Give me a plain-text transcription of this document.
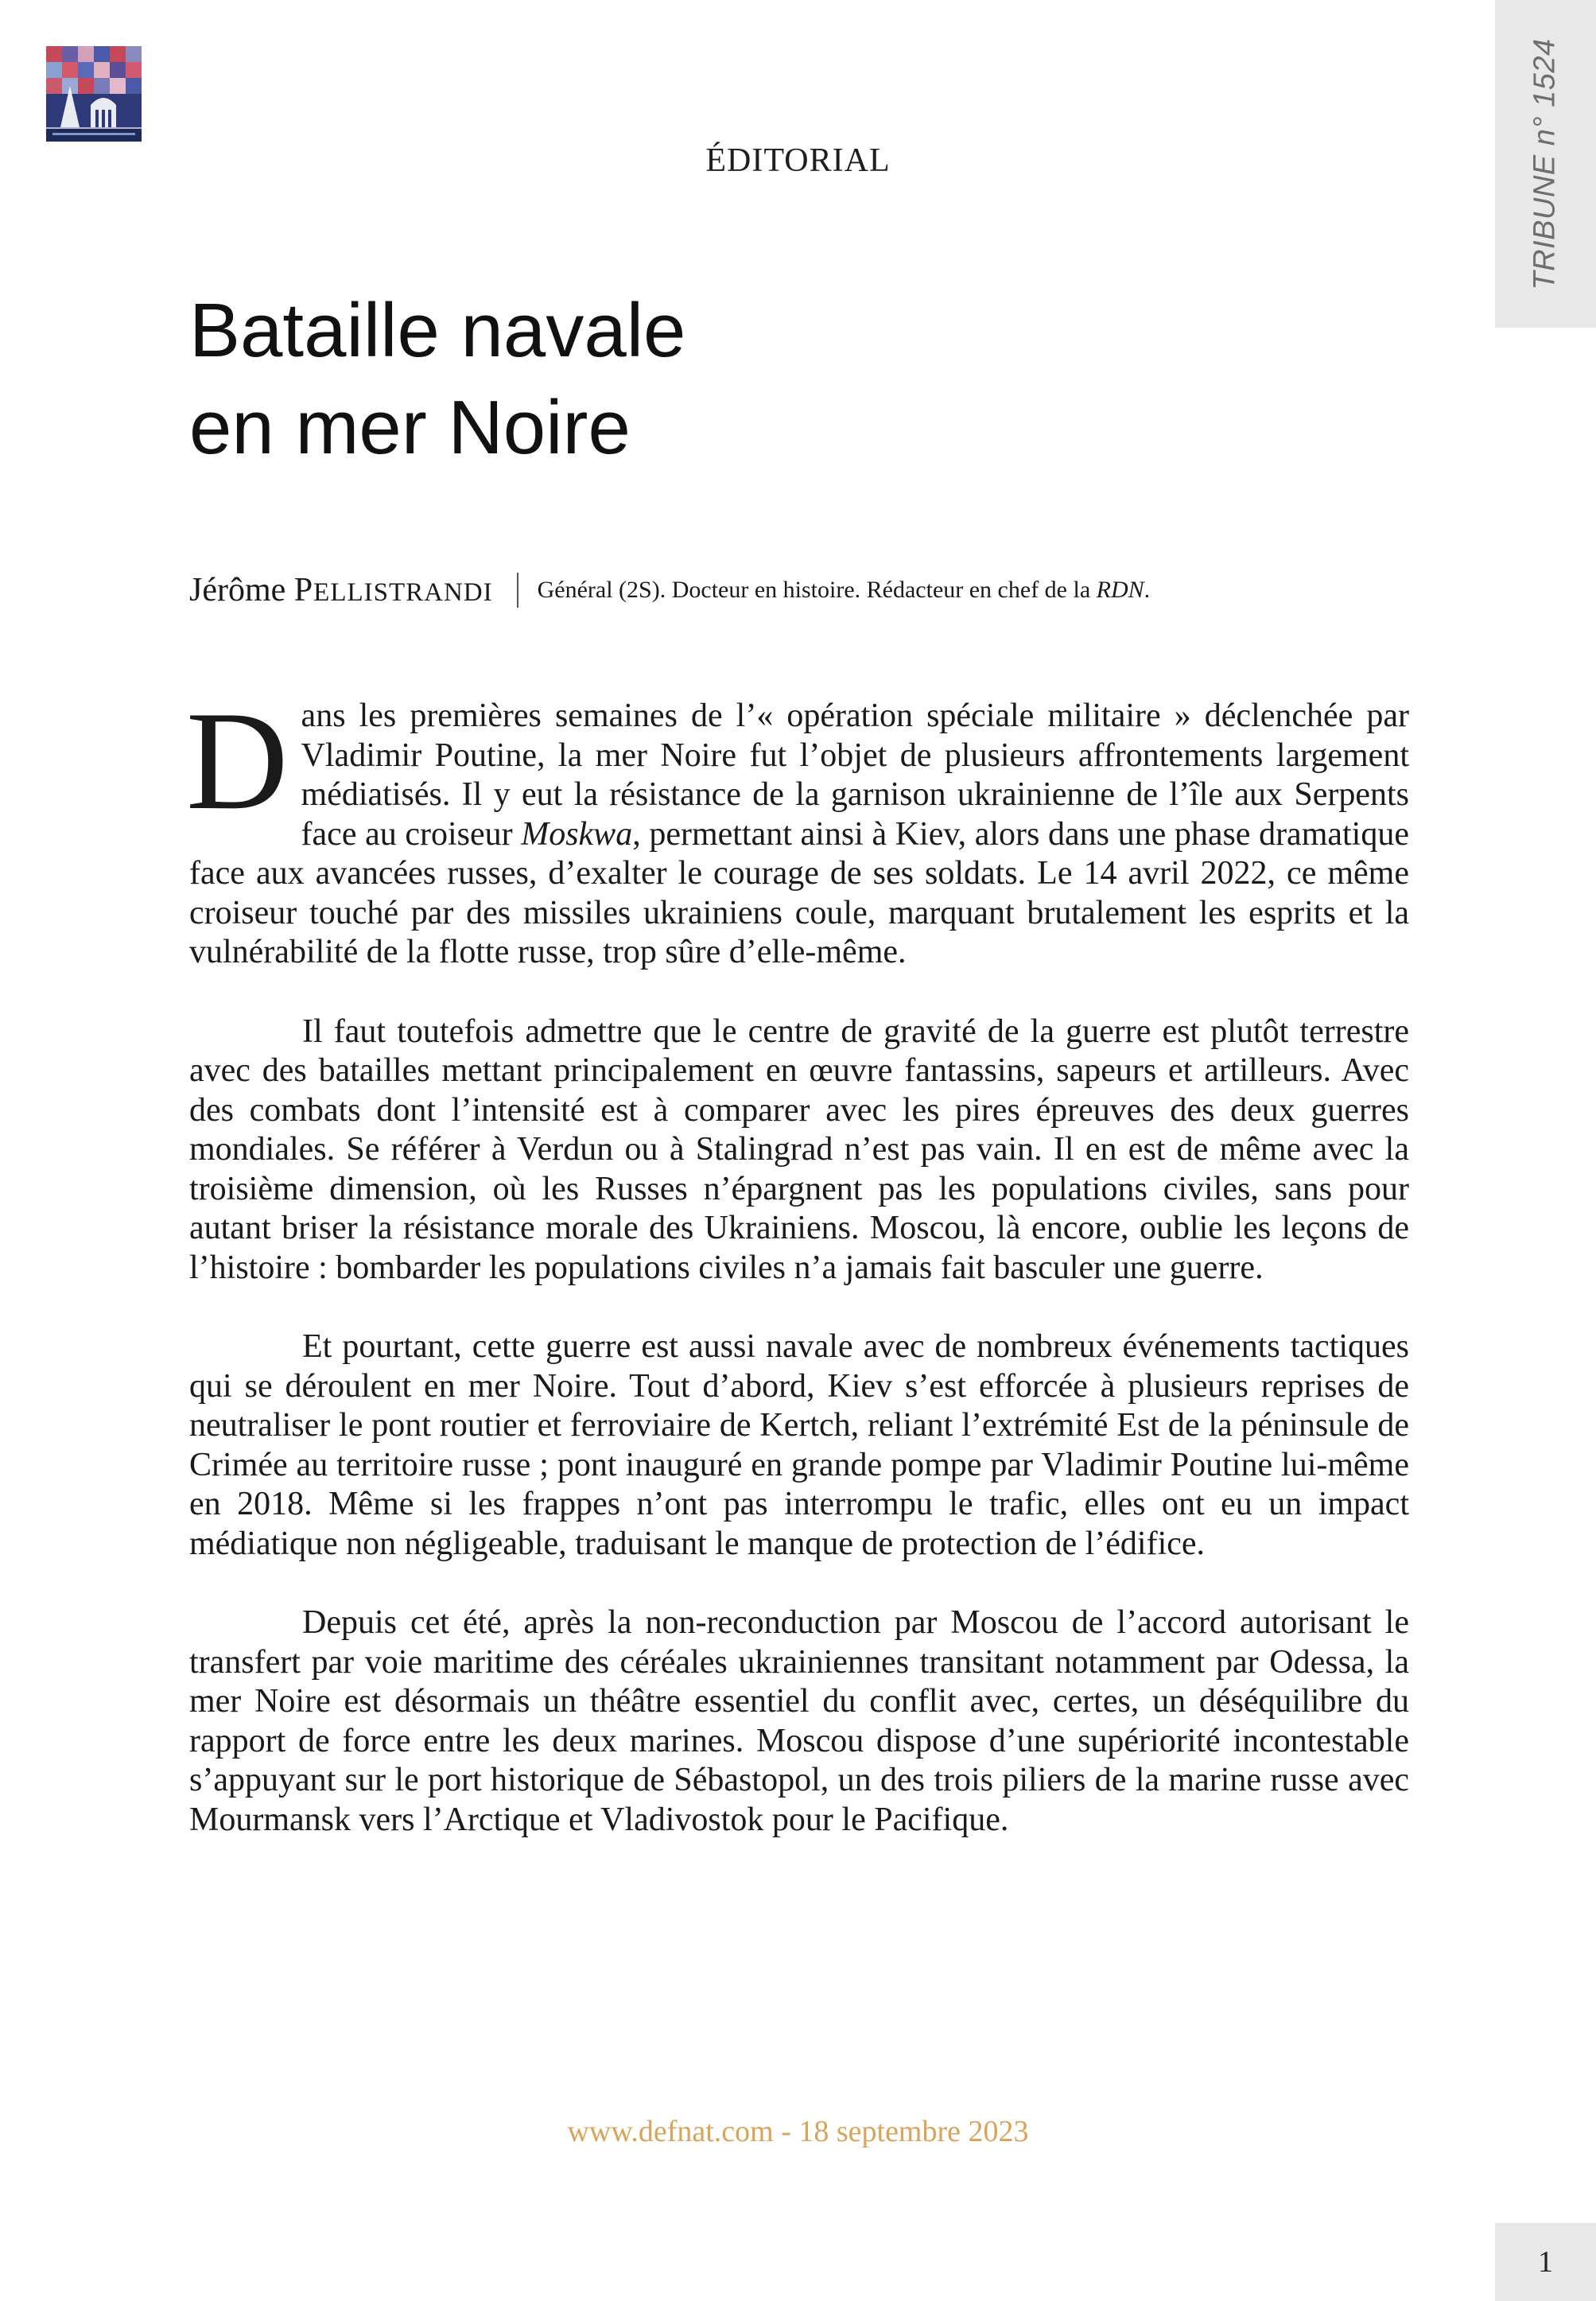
TRIBUNE n° 1524
ÉDITORIAL
Bataille navale
en mer Noire
Jérôme PELLISTRANDI Général (2S). Docteur en histoire. Rédacteur en chef de la RDN.

Dans les premières semaines de l’« opération spéciale militaire » déclenchée par Vladimir Poutine, la mer Noire fut l’objet de plusieurs affrontements largement médiatisés. Il y eut la résistance de la garnison ukrainienne de l’île aux Serpents face au croiseur Moskwa, permettant ainsi à Kiev, alors dans une phase dramatique face aux avancées russes, d’exalter le courage de ses soldats. Le 14 avril 2022, ce même croiseur touché par des missiles ukrainiens coule, marquant brutalement les esprits et la vulnérabilité de la flotte russe, trop sûre d’elle-même.

Il faut toutefois admettre que le centre de gravité de la guerre est plutôt terrestre avec des batailles mettant principalement en œuvre fantassins, sapeurs et artilleurs. Avec des combats dont l’intensité est à comparer avec les pires épreuves des deux guerres mondiales. Se référer à Verdun ou à Stalingrad n’est pas vain. Il en est de même avec la troisième dimension, où les Russes n’épargnent pas les populations civiles, sans pour autant briser la résistance morale des Ukrainiens. Moscou, là encore, oublie les leçons de l’histoire : bombarder les populations civiles n’a jamais fait basculer une guerre.

Et pourtant, cette guerre est aussi navale avec de nombreux événements tactiques qui se déroulent en mer Noire. Tout d’abord, Kiev s’est efforcée à plusieurs reprises de neutraliser le pont routier et ferroviaire de Kertch, reliant l’extrémité Est de la péninsule de Crimée au territoire russe ; pont inauguré en grande pompe par Vladimir Poutine lui-même en 2018. Même si les frappes n’ont pas interrompu le trafic, elles ont eu un impact médiatique non négligeable, traduisant le manque de protection de l’édifice.

Depuis cet été, après la non-reconduction par Moscou de l’accord autorisant le transfert par voie maritime des céréales ukrainiennes transitant notamment par Odessa, la mer Noire est désormais un théâtre essentiel du conflit avec, certes, un déséquilibre du rapport de force entre les deux marines. Moscou dispose d’une supériorité incontestable s’appuyant sur le port historique de Sébastopol, un des trois piliers de la marine russe avec Mourmansk vers l’Arctique et Vladivostok pour le Pacifique.

www.defnat.com - 18 septembre 2023
1
